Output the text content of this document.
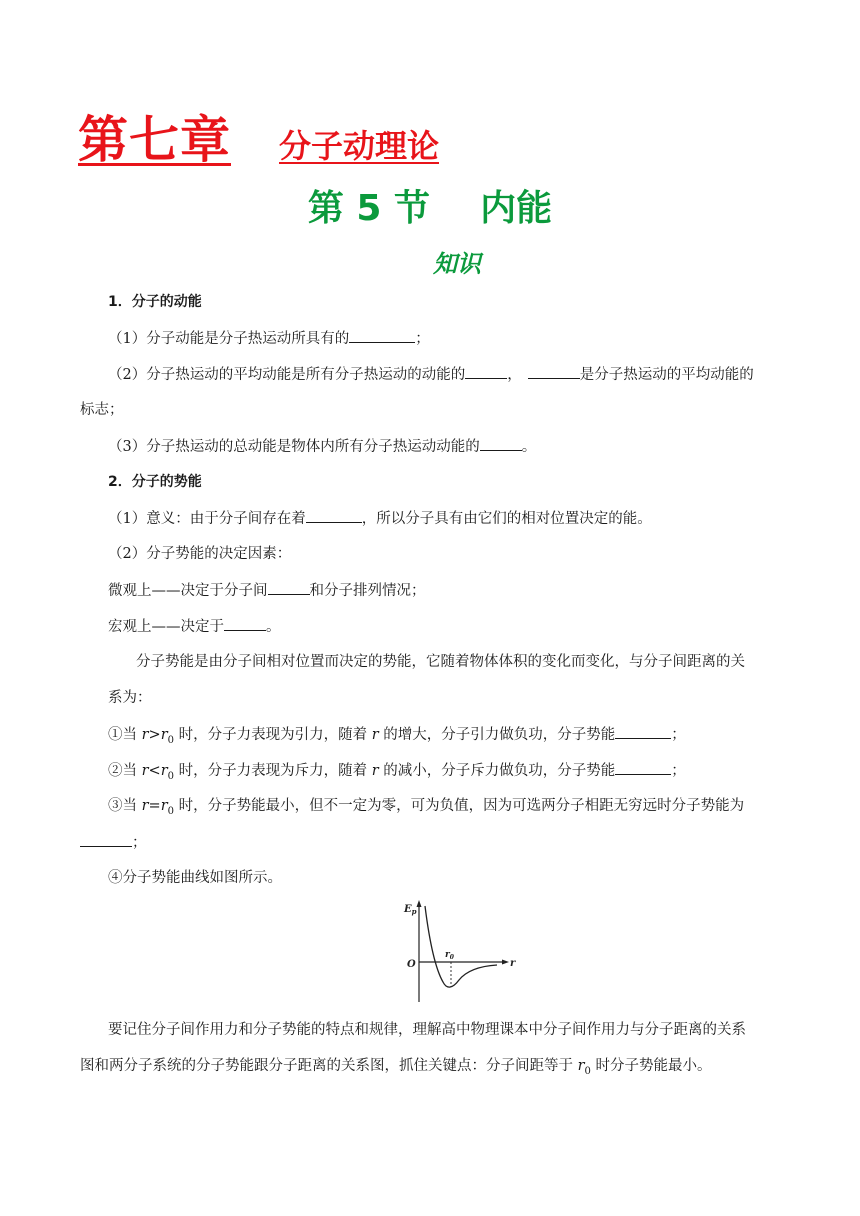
第七章 分子动理论
第 5 节    内能
知识
1．分子的动能
（1）分子动能是分子热运动所具有的	；
（2）分子热运动的平均动能是所有分子热运动的动能的	，	是分子热运动的平均动能的
标志；
（3）分子热运动的总动能是物体内所有分子热运动动能的	。
2．分子的势能
（1）意义：由于分子间存在着	，所以分子具有由它们的相对位置决定的能。
（2）分子势能的决定因素：
微观上——决定于分子间	和分子排列情况；
宏观上——决定于	。
分子势能是由分子间相对位置而决定的势能，它随着物体体积的变化而变化，与分子间距离的关
系为：
①当 $r>r_0$ 时，分子力表现为引力，随着 r 的增大，分子引力做负功，分子势能	；
②当 $r<r_0$ 时，分子力表现为斥力，随着 r 的减小，分子斥力做负功，分子势能	；
③当 $r=r_0$ 时，分子势能最小，但不一定为零，可为负值，因为可选两分子相距无穷远时分子势能为
；
④分子势能曲线如图所示。
$E_p$
r
O
$r_0$
要记住分子间作用力和分子势能的特点和规律，理解高中物理课本中分子间作用力与分子距离的关系
图和两分子系统的分子势能跟分子距离的关系图，抓住关键点：分子间距等于 $r_0$ 时分子势能最小。
